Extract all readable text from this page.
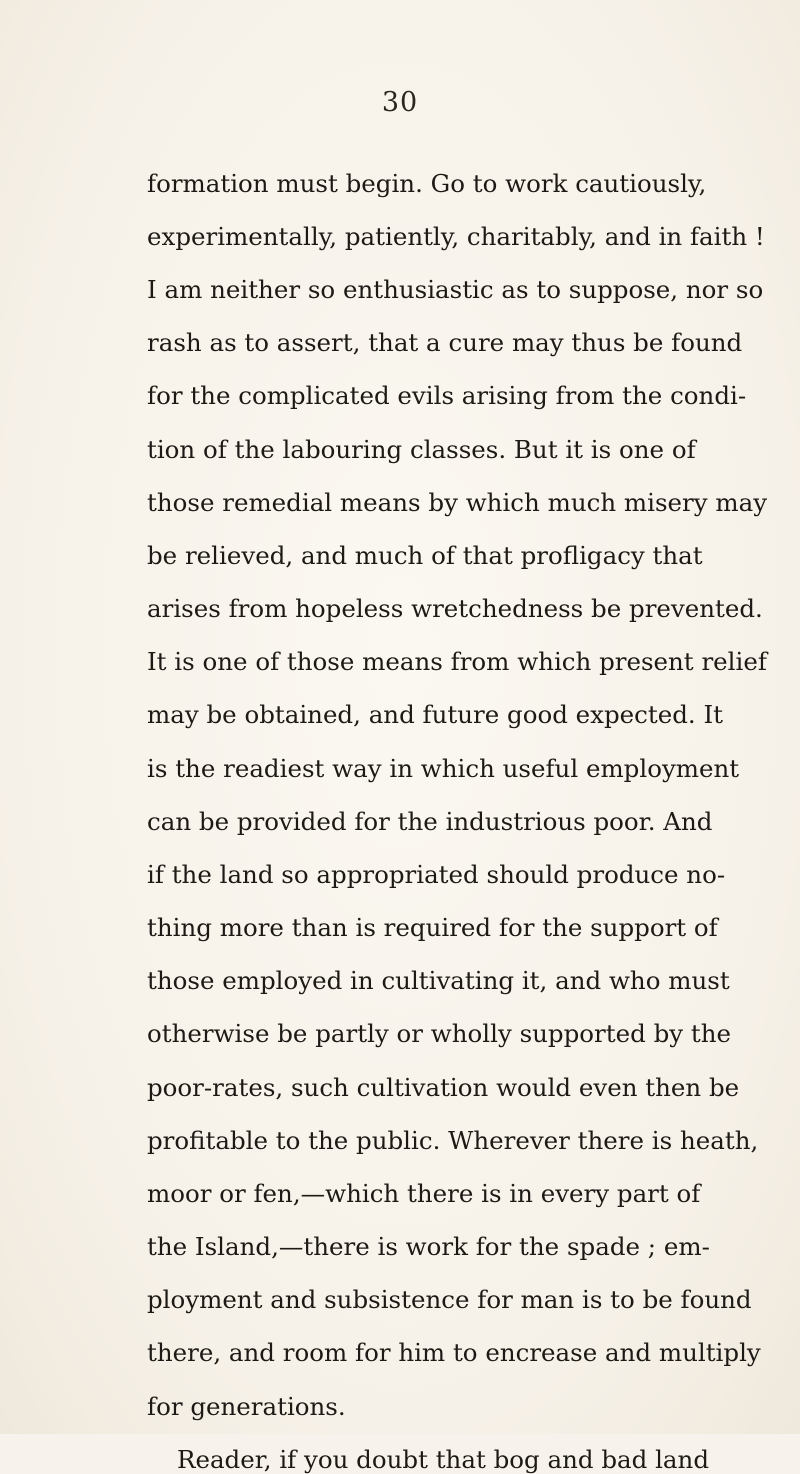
30
formation must begin. Go to work cautiously,
experimentally, patiently, charitably, and in faith !
I am neither so enthusiastic as to suppose, nor so
rash as to assert, that a cure may thus be found
for the complicated evils arising from the condi-
tion of the labouring classes. But it is one of
those remedial means by which much misery may
be relieved, and much of that profligacy that
arises from hopeless wretchedness be prevented.
It is one of those means from which present relief
may be obtained, and future good expected. It
is the readiest way in which useful employment
can be provided for the industrious poor. And
if the land so appropriated should produce no-
thing more than is required for the support of
those employed in cultivating it, and who must
otherwise be partly or wholly supported by the
poor-rates, such cultivation would even then be
profitable to the public. Wherever there is heath,
moor or fen,—which there is in every part of
the Island,—there is work for the spade ; em-
ployment and subsistence for man is to be found
there, and room for him to encrease and multiply
for generations.
Reader, if you doubt that bog and bad land
